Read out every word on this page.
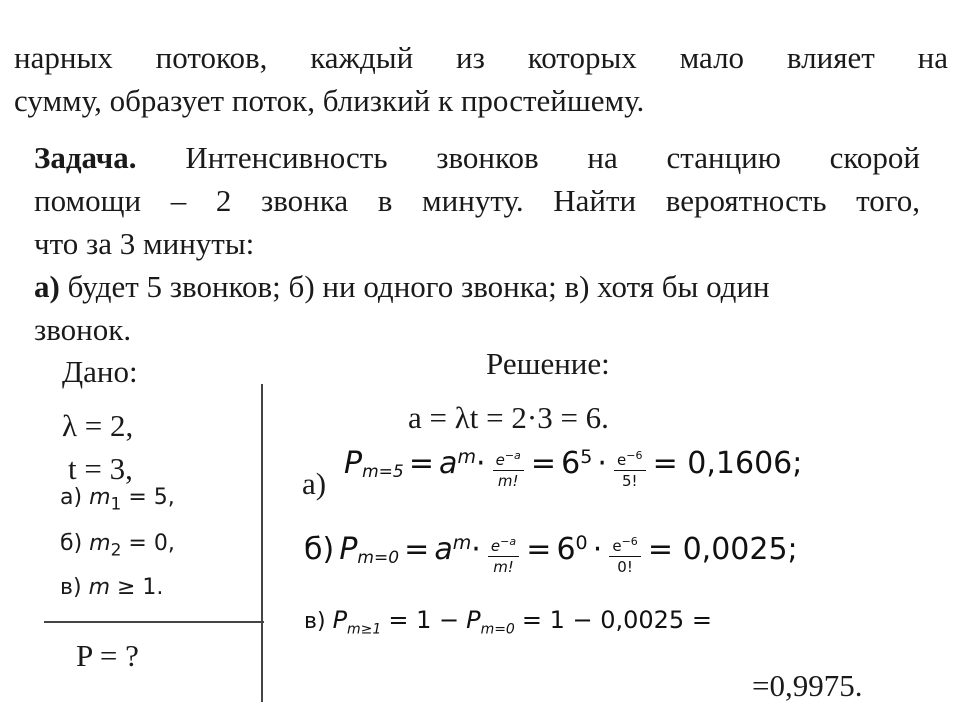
нарных потоков, каждый из которых мало влияет на
сумму, образует поток, близкий к простейшему.
Задача. Интенсивность звонков на станцию скорой
помощи – 2 звонка в минуту. Найти вероятность того,
что за 3 минуты:
а) будет 5 звонков; б) ни одного звонка; в) хотя бы один
звонок.
Дано:
λ = 2,
t = 3,
а) $m_1 = 5$,
б) $m_2 = 0$,
в) m ≥ 1.
P = ?
Решение:
a = λt = 2·3 = 6.
а)
$P_{m=5} = a^m\cdot \frac{e^{-a}}{m!} = 6^5 \cdot \frac{e^{-6}}{5!} = 0,1606$;
б) $P_{m=0} = a^m\cdot \frac{e^{-a}}{m!} = 6^0 \cdot \frac{e^{-6}}{0!} = 0,0025$;
в) $P_{m\ge 1} = 1 - P_{m=0} = 1 - 0,0025$ =
=0,9975.
